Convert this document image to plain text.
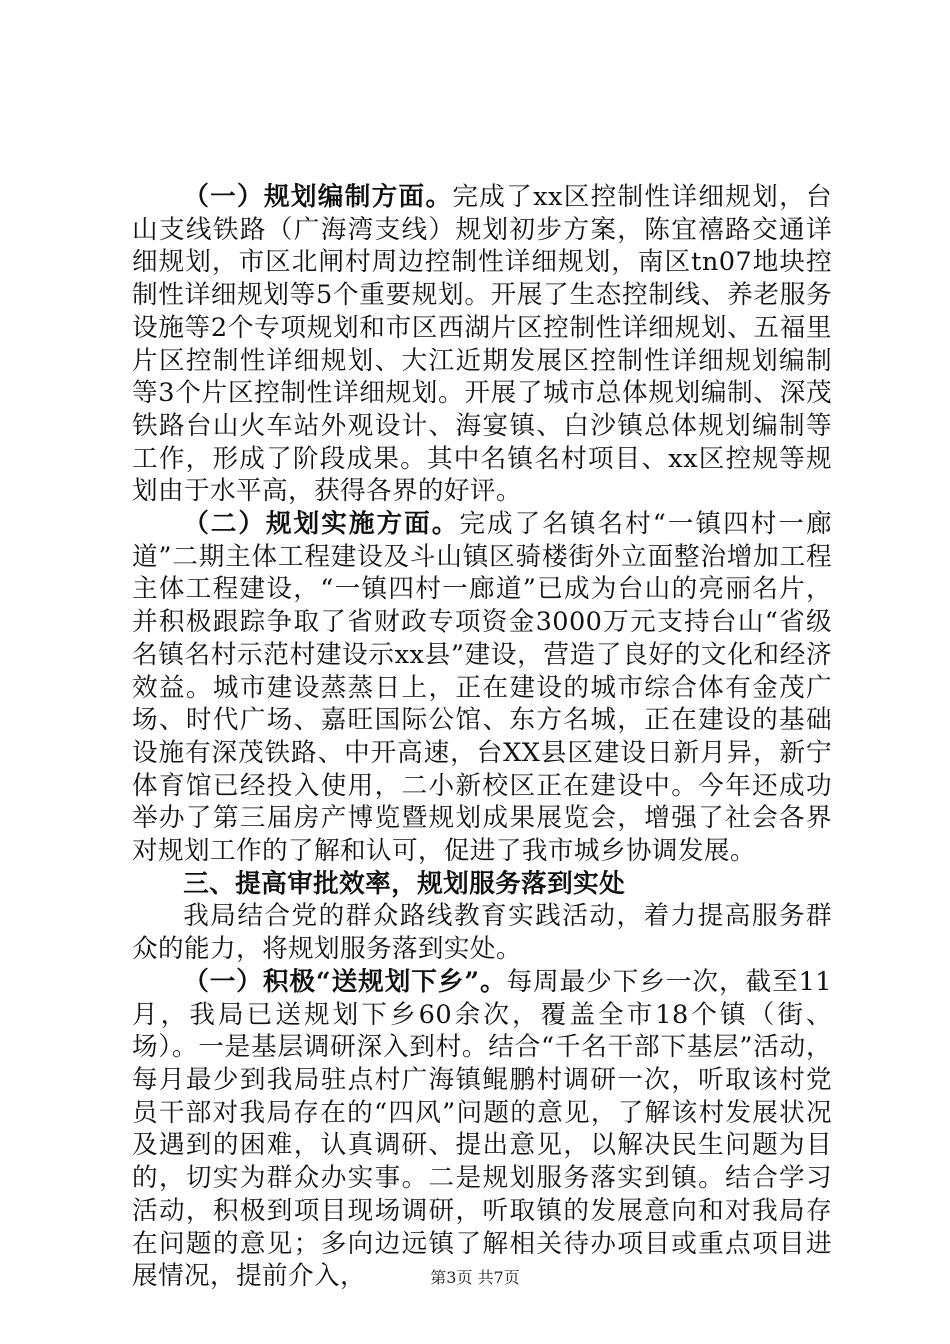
（一）规划编制方面。完成了xx区控制性详细规划，台山支线铁路（广海湾支线）规划初步方案，陈宜禧路交通详细规划，市区北闸村周边控制性详细规划，南区tn07地块控制性详细规划等5个重要规划。开展了生态控制线、养老服务设施等2个专项规划和市区西湖片区控制性详细规划、五福里片区控制性详细规划、大江近期发展区控制性详细规划编制等3个片区控制性详细规划。开展了城市总体规划编制、深茂铁路台山火车站外观设计、海宴镇、白沙镇总体规划编制等工作，形成了阶段成果。其中名镇名村项目、xx区控规等规划由于水平高，获得各界的好评。

（二）规划实施方面。完成了名镇名村“一镇四村一廊道”二期主体工程建设及斗山镇区骑楼街外立面整治增加工程主体工程建设，“一镇四村一廊道”已成为台山的亮丽名片，并积极跟踪争取了省财政专项资金3000万元支持台山“省级名镇名村示范村建设示xx县”建设，营造了良好的文化和经济效益。城市建设蒸蒸日上，正在建设的城市综合体有金茂广场、时代广场、嘉旺国际公馆、东方名城，正在建设的基础设施有深茂铁路、中开高速，台XX县区建设日新月异，新宁体育馆已经投入使用，二小新校区正在建设中。今年还成功举办了第三届房产博览暨规划成果展览会，增强了社会各界对规划工作的了解和认可，促进了我市城乡协调发展。

三、提高审批效率，规划服务落到实处

我局结合党的群众路线教育实践活动，着力提高服务群众的能力，将规划服务落到实处。

（一）积极“送规划下乡”。每周最少下乡一次，截至11月，我局已送规划下乡60余次，覆盖全市18个镇（街、场）。一是基层调研深入到村。结合“千名干部下基层”活动，每月最少到我局驻点村广海镇鲲鹏村调研一次，听取该村党员干部对我局存在的“四风”问题的意见，了解该村发展状况及遇到的困难，认真调研、提出意见，以解决民生问题为目的，切实为群众办实事。二是规划服务落实到镇。结合学习活动，积极到项目现场调研，听取镇的发展意向和对我局存在问题的意见；多向边远镇了解相关待办项目或重点项目进展情况，提前介入，	第3页 共7页
